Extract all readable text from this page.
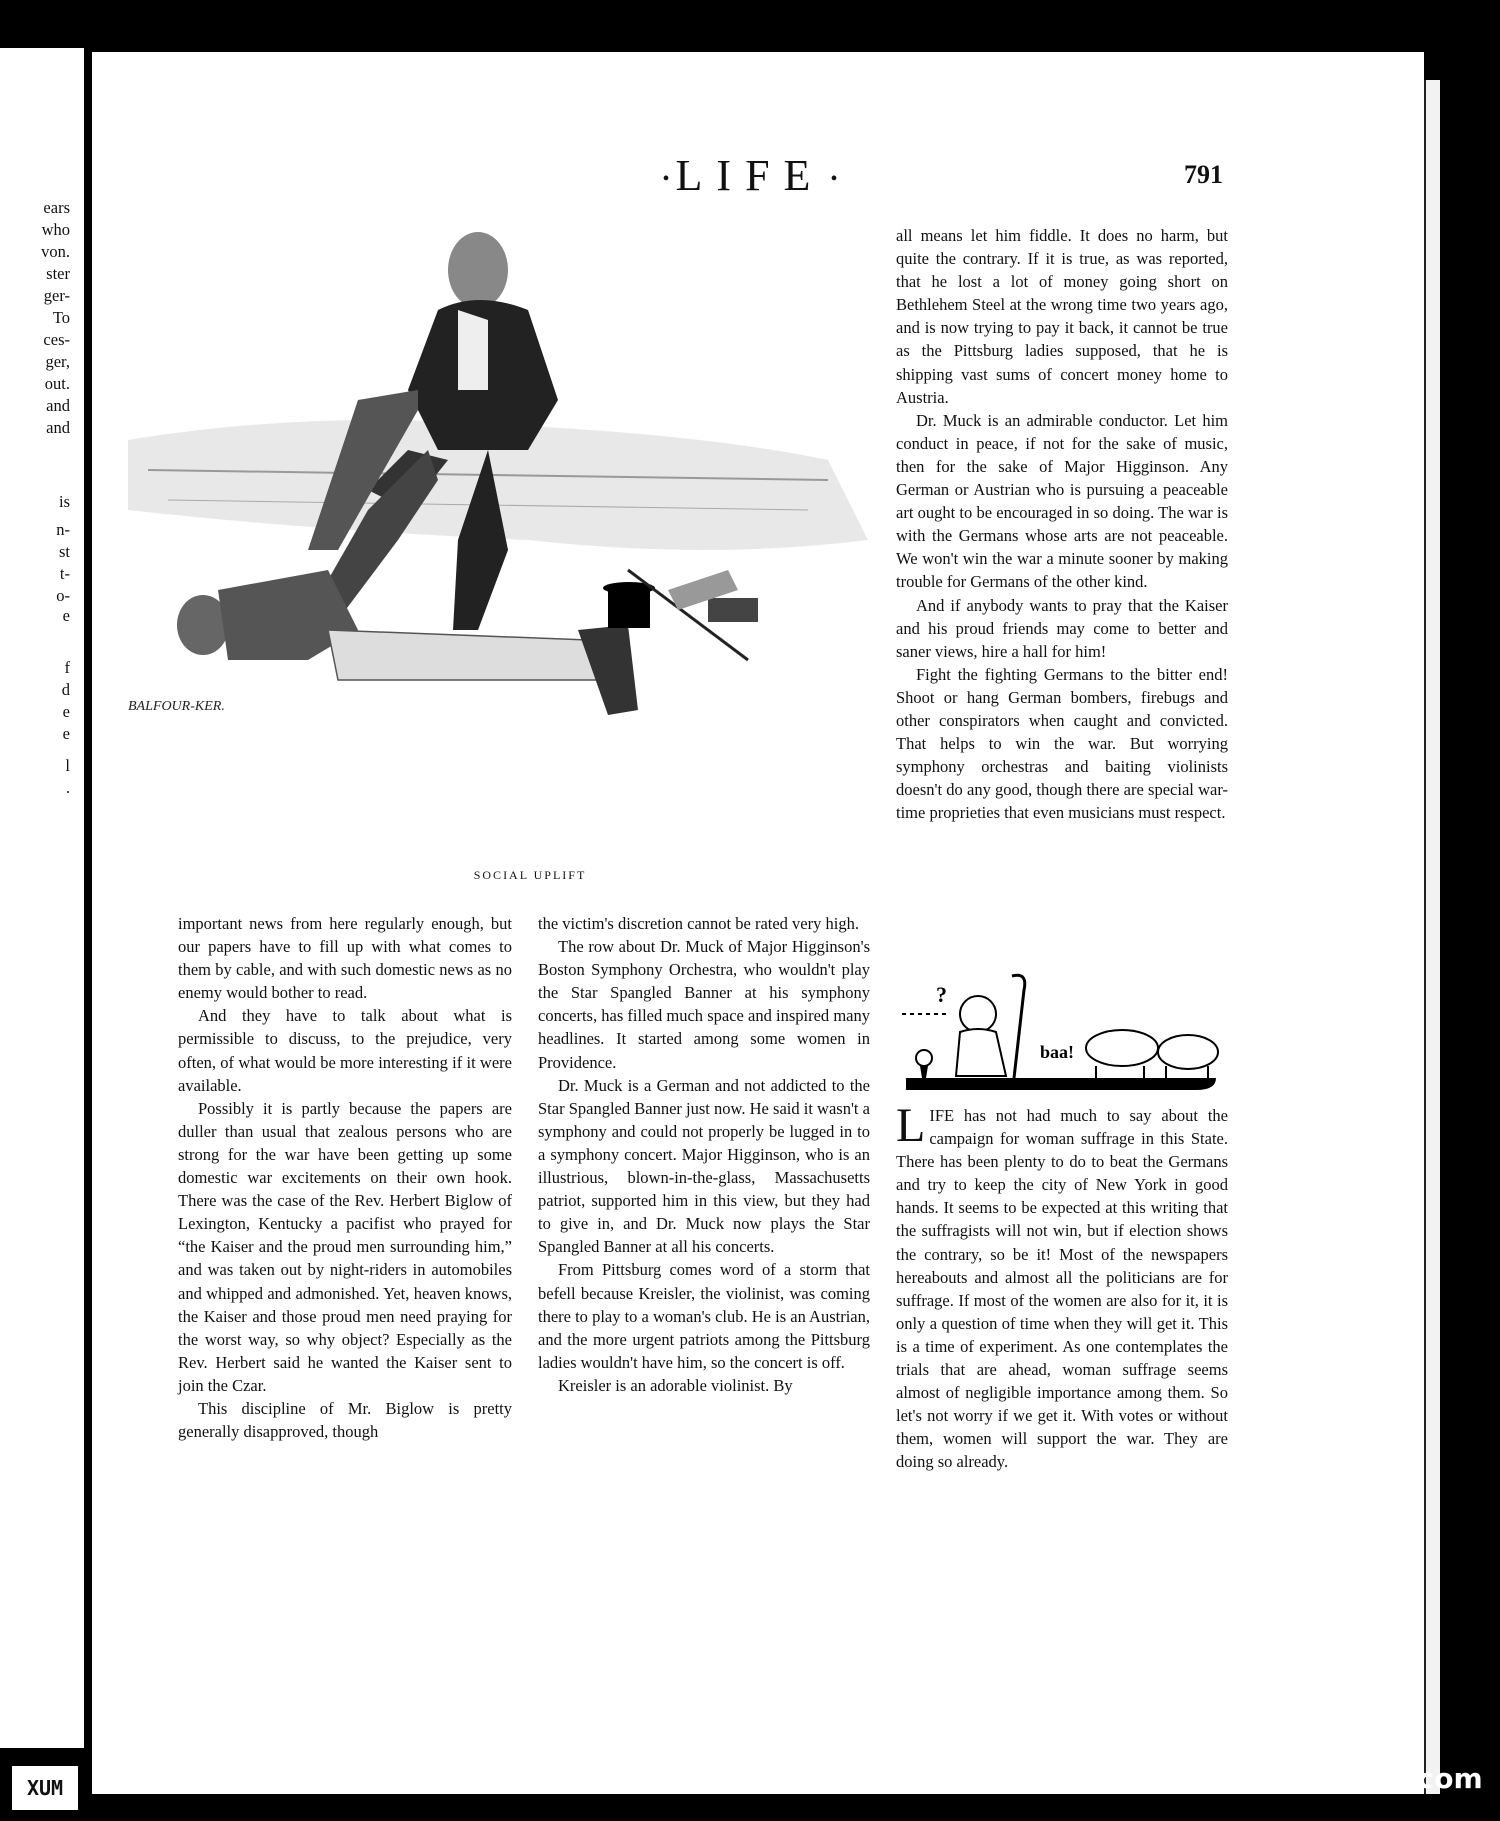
ears
who
von.
ster
ger-
To
ces-
ger,
out.
and
and
is
n-
st
t-
o-
e
f
d
e
e
l
.
• LIFE •	791
BALFOUR-KER.
SOCIAL UPLIFT

important news from here regularly enough, but our papers have to fill up with what comes to them by cable, and with such domestic news as no enemy would bother to read.

And they have to talk about what is permissible to discuss, to the prejudice, very often, of what would be more interesting if it were available.

Possibly it is partly because the papers are duller than usual that zealous persons who are strong for the war have been getting up some domestic war excitements on their own hook. There was the case of the Rev. Herbert Biglow of Lexington, Kentucky a pacifist who prayed for “the Kaiser and the proud men surrounding him,” and was taken out by night-riders in automobiles and whipped and admonished. Yet, heaven knows, the Kaiser and those proud men need praying for the worst way, so why object? Especially as the Rev. Herbert said he wanted the Kaiser sent to join the Czar.

This discipline of Mr. Biglow is pretty generally disapproved, though

the victim's discretion cannot be rated very high.

The row about Dr. Muck of Major Higginson's Boston Symphony Orchestra, who wouldn't play the Star Spangled Banner at his symphony concerts, has filled much space and inspired many headlines. It started among some women in Providence.

Dr. Muck is a German and not addicted to the Star Spangled Banner just now. He said it wasn't a symphony and could not properly be lugged in to a symphony concert. Major Higginson, who is an illustrious, blown-in-the-glass, Massachusetts patriot, supported him in this view, but they had to give in, and Dr. Muck now plays the Star Spangled Banner at all his concerts.

From Pittsburg comes word of a storm that befell because Kreisler, the violinist, was coming there to play to a woman's club. He is an Austrian, and the more urgent patriots among the Pittsburg ladies wouldn't have him, so the concert is off.

Kreisler is an adorable violinist. By

all means let him fiddle. It does no harm, but quite the contrary. If it is true, as was reported, that he lost a lot of money going short on Bethlehem Steel at the wrong time two years ago, and is now trying to pay it back, it cannot be true as the Pittsburg ladies supposed, that he is shipping vast sums of concert money home to Austria.

Dr. Muck is an admirable conductor. Let him conduct in peace, if not for the sake of music, then for the sake of Major Higginson. Any German or Austrian who is pursuing a peaceable art ought to be encouraged in so doing. The war is with the Germans whose arts are not peaceable. We won't win the war a minute sooner by making trouble for Germans of the other kind.

And if anybody wants to pray that the Kaiser and his proud friends may come to better and saner views, hire a hall for him!

Fight the fighting Germans to the bitter end! Shoot or hang German bombers, firebugs and other conspirators when caught and convicted. That helps to win the war. But worrying symphony orchestras and baiting violinists doesn't do any good, though there are special war-time proprieties that even musicians must respect.

?
baa!

LIFE has not had much to say about the campaign for woman suffrage in this State. There has been plenty to do to beat the Germans and try to keep the city of New York in good hands. It seems to be expected at this writing that the suffragists will not win, but if election shows the contrary, so be it! Most of the newspapers hereabouts and almost all the politicians are for suffrage. If most of the women are also for it, it is only a question of time when they will get it. This is a time of experiment. As one contemplates the trials that are ahead, woman suffrage seems almost of negligible importance among them. So let's not worry if we get it. With votes or without them, women will support the war. They are doing so already.

XUM	comicbooks.com
